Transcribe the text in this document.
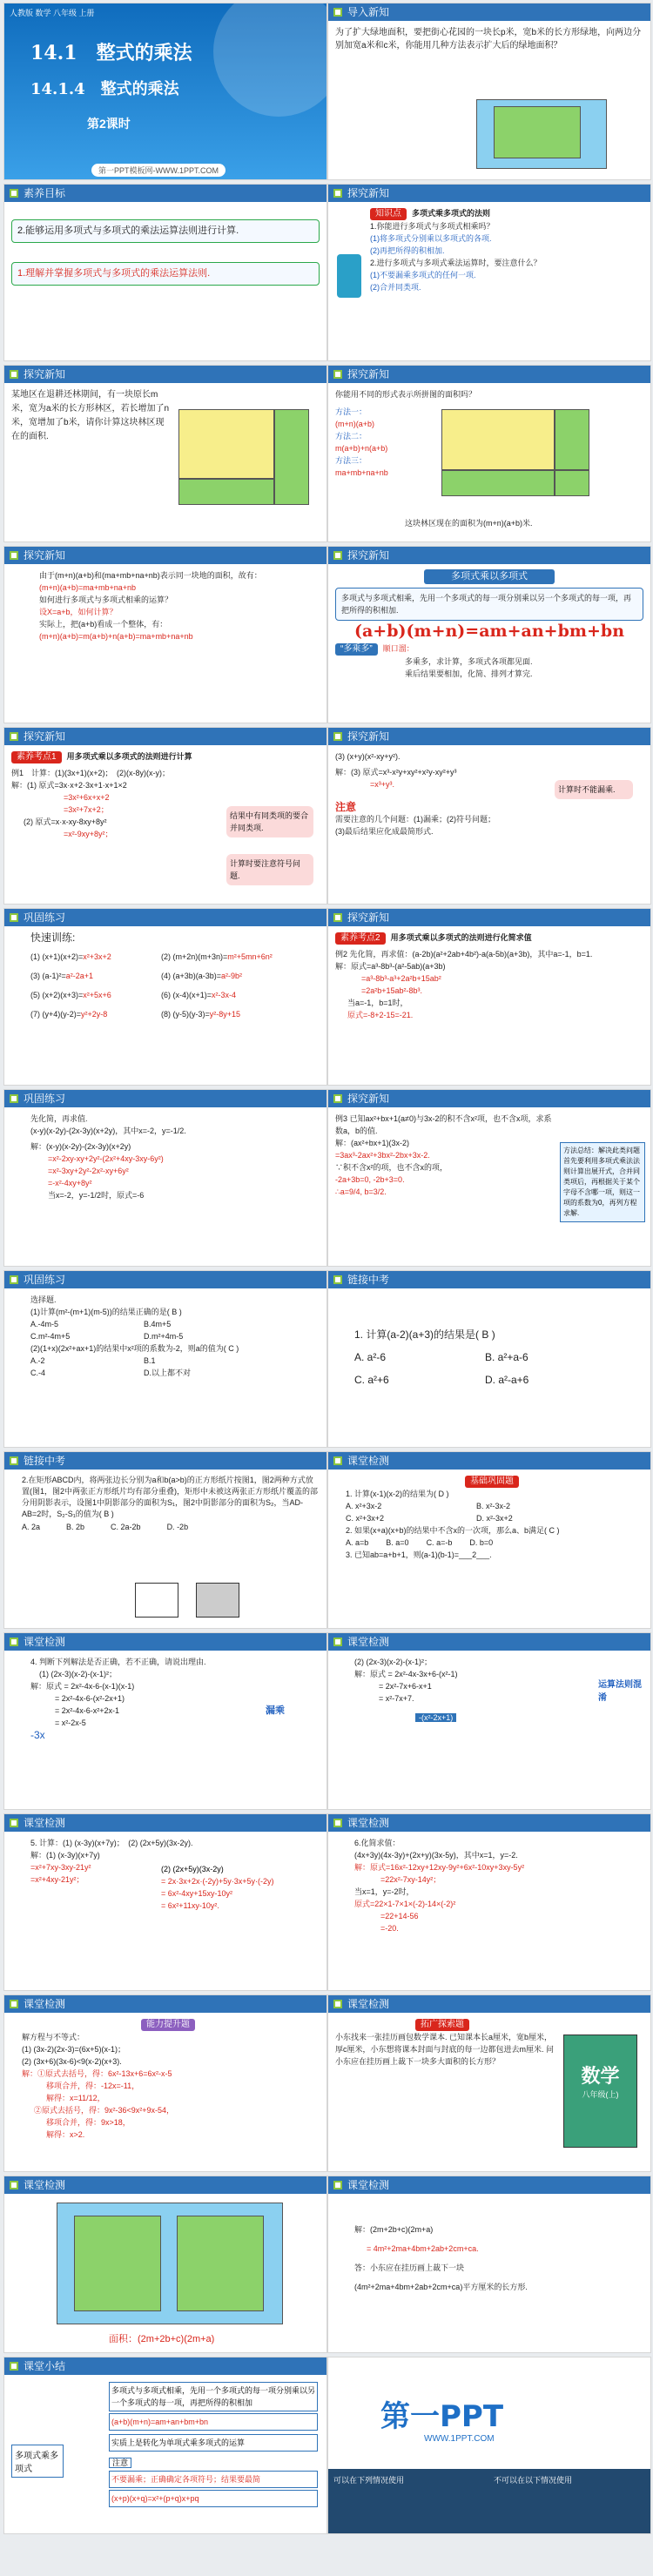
人教版 数学 八年级 上册
14.1　整式的乘法
14.1.4　整式的乘法
第2课时
第一PPT模板网-WWW.1PPT.COM
导入新知
为了扩大绿地面积，要把街心花园的一块长p米，宽b米的长方形绿地，向两边分别加宽a米和c米，你能用几种方法表示扩大后的绿地面积？
素养目标
2.能够运用多项式与多项式的乘法运算法则进行计算.
1.理解并掌握多项式与多项式的乘法运算法则.
探究新知
知识点 多项式乘多项式的法则
1.你能进行多项式与多项式相乘吗？
(1)将多项式分别乘以多项式的各项.
(2)再把所得的积相加.
2.进行多项式与多项式乘法运算时，要注意什么？
(1)不要漏乘多项式的任何一项.
(2)合并同类项.
探究新知
某地区在退耕还林期间，有一块原长m米，宽为a米的长方形林区，若长增加了n米，宽增加了b米，请你计算这块林区现在的面积.
探究新知
你能用不同的形式表示所拼图的面积吗？
方法一：
(m+n)(a+b)
方法二：
m(a+b)+n(a+b)
方法三：
ma+mb+na+nb
这块林区现在的面积为(m+n)(a+b)米.
探究新知
由于(m+n)(a+b)和(ma+mb+na+nb)表示同一块地的面积，故有：
(m+n)(a+b)=ma+mb+na+nb
如何进行多项式与多项式相乘的运算？
设X=a+b，如何计算？
实际上，把(a+b)看成一个整体，有：
(m+n)(a+b)=m(a+b)+n(a+b)=ma+mb+na+nb
探究新知
多项式乘以多项式
多项式与多项式相乘，先用一个多项式的每一项分别乘以另一个多项式的每一项，再把所得的积相加.
(a+b)(m+n)=am+an+bm+bn
“多乘多” 顺口溜：
多乘多，求计算，多项式各项都见面.
乘后结果要相加，化简、排列才算完.
探究新知
素养考点1 用多项式乘以多项式的法则进行计算
例1　计算：(1)(3x+1)(x+2)；　(2)(x-8y)(x-y)；
解：(1) 原式=3x·x+2·3x+1·x+1×2
=3x²+6x+x+2
=3x²+7x+2；
(2) 原式=x·x-xy-8xy+8y²
=x²-9xy+8y²；
结果中有同类项的要合并同类项.
计算时要注意符号问题.
探究新知
(3) (x+y)(x²-xy+y²).
解：(3) 原式=x³-x²y+xy²+x²y-xy²+y³
=x³+y³.
注意
需要注意的几个问题：(1)漏乘；(2)符号问题；
(3)最后结果应化成最简形式.
计算时不能漏乘.
巩固练习
快速训练:
(1) (x+1)(x+2)=x²+3x+2	(2) (m+2n)(m+3n)=m²+5mn+6n²
(3) (a-1)²=a²-2a+1	(4) (a+3b)(a-3b)=a²-9b²
(5) (x+2)(x+3)=x²+5x+6	(6) (x-4)(x+1)=x²-3x-4
(7) (y+4)(y-2)=y²+2y-8	(8) (y-5)(y-3)=y²-8y+15
探究新知
素养考点2 用多项式乘以多项式的法则进行化简求值
例2 先化简，再求值：(a-2b)(a²+2ab+4b²)-a(a-5b)(a+3b)，其中a=-1，b=1.
解：原式=a³-8b³-(a²-5ab)(a+3b)
=a³-8b³-a³+2a²b+15ab²
=2a²b+15ab²-8b³.
当a=-1，b=1时，
原式=-8+2-15=-21.
巩固练习
先化简，再求值.
(x-y)(x-2y)-(2x-3y)(x+2y)，其中x=-2，y=-1/2.
解：(x-y)(x-2y)-(2x-3y)(x+2y)
=x²-2xy-xy+2y²-(2x²+4xy-3xy-6y²)
=x²-3xy+2y²-2x²-xy+6y²
=-x²-4xy+8y²
当x=-2，y=-1/2时，原式=-6
探究新知
例3 已知ax²+bx+1(a≠0)与3x-2的积不含x²项，也不含x项，求系数a，b的值.
解：(ax²+bx+1)(3x-2)
=3ax³-2ax²+3bx²-2bx+3x-2.
∵积不含x²的项，也不含x的项，
-2a+3b=0, -2b+3=0.
∴a=9/4, b=3/2.
方法总结：解决此类问题首先要利用多项式乘法法则计算出展开式，合并同类项后，再根据关于某个字母不含哪一项，则这一项的系数为0，再列方程求解.
巩固练习
选择题.
(1)计算(m²-(m+1)(m-5))的结果正确的是( B )
A.-4m-5	B.4m+5
C.m²-4m+5	D.m²+4m-5
(2)(1+x)(2x²+ax+1)的结果中x²项的系数为-2，则a的值为( C )
A.-2	B.1
C.-4	D.以上都不对
链接中考
1. 计算(a-2)(a+3)的结果是( B )
A. a²-6	B. a²+a-6
C. a²+6	D. a²-a+6
链接中考
2.在矩形ABCD内，将两张边长分别为a和b(a>b)的正方形纸片按图1，图2两种方式放置(图1，图2中两张正方形纸片均有部分重叠)，矩形中未被这两张正方形纸片覆盖的部分用阴影表示，设图1中阴影部分的面积为S₁，图2中阴影部分的面积为S₂，当AD-AB=2时，S₂-S₁的值为( B )
A. 2a	B. 2b	C. 2a-2b	D. -2b
课堂检测
基础巩固题
1. 计算(x-1)(x-2)的结果为( D )
A. x²+3x-2	B. x²-3x-2
C. x²+3x+2	D. x²-3x+2
2. 如果(x+a)(x+b)的结果中不含x的一次项，那么a、b满足( C )
A. a=b B. a=0 C. a=-b D. b=0
3. 已知ab=a+b+1，则(a-1)(b-1)=___2___.
课堂检测
4. 判断下列解法是否正确，若不正确，请说出理由.
(1) (2x-3)(x-2)-(x-1)²；
解：原式 = 2x²-4x-6-(x-1)(x-1)
= 2x²-4x-6-(x²-2x+1)
= 2x²-4x-6-x²+2x-1
= x²-2x-5
-3x
漏乘
课堂检测
(2) (2x-3)(x-2)-(x-1)²；
解：原式 = 2x²-4x-3x+6-(x²-1)
= 2x²-7x+6-x+1
= x²-7x+7.
-(x²-2x+1)
运算法则混淆
课堂检测
5. 计算：(1) (x-3y)(x+7y)；　(2) (2x+5y)(3x-2y).
解：(1) (x-3y)(x+7y)
=x²+7xy-3xy-21y²
=x²+4xy-21y²；
(2) (2x+5y)(3x-2y)
= 2x·3x+2x·(-2y)+5y·3x+5y·(-2y)
= 6x²-4xy+15xy-10y²
= 6x²+11xy-10y².
课堂检测
6.化简求值：
(4x+3y)(4x-3y)+(2x+y)(3x-5y)，其中x=1，y=-2.
解：原式=16x²-12xy+12xy-9y²+6x²-10xy+3xy-5y²
=22x²-7xy-14y²；
当x=1，y=-2时，
原式=22×1-7×1×(-2)-14×(-2)²
=22+14-56
=-20.
课堂检测
能力提升题
解方程与不等式：
(1) (3x-2)(2x-3)=(6x+5)(x-1)；
(2) (3x+6)(3x-6)<9(x-2)(x+3).
解：①原式去括号，得：6x²-13x+6=6x²-x-5
移项合并，得：-12x=-11，
解得：x=11/12，
②原式去括号，得：9x²-36<9x²+9x-54，
移项合并，得：9x>18，
解得：x>2.
课堂检测
拓广探索题
小东找来一张挂历画包数学课本. 已知课本长a厘米，宽b厘米，厚c厘米，小东想将课本封面与封底的每一边都包进去m厘米. 问小东应在挂历画上裁下一块多大面积的长方形？
数学
八年级(上)
课堂检测
面积：(2m+2b+c)(2m+a)
课堂检测
解：(2m+2b+c)(2m+a)
= 4m²+2ma+4bm+2ab+2cm+ca.
答：小东应在挂历画上裁下一块
(4m²+2ma+4bm+2ab+2cm+ca)平方厘米的长方形.
课堂小结
多项式乘多项式
多项式与多项式相乘，先用一个多项式的每一项分别乘以另一个多项式的每一项，再把所得的积相加
(a+b)(m+n)=am+an+bm+bn
实质上是转化为单项式乘多项式的运算
注意
不要漏乘；正确确定各项符号；结果要最简
(x+p)(x+q)=x²+(p+q)x+pq
第一PPT
WWW.1PPT.COM
可以在下列情况使用	不可以在以下情况使用
